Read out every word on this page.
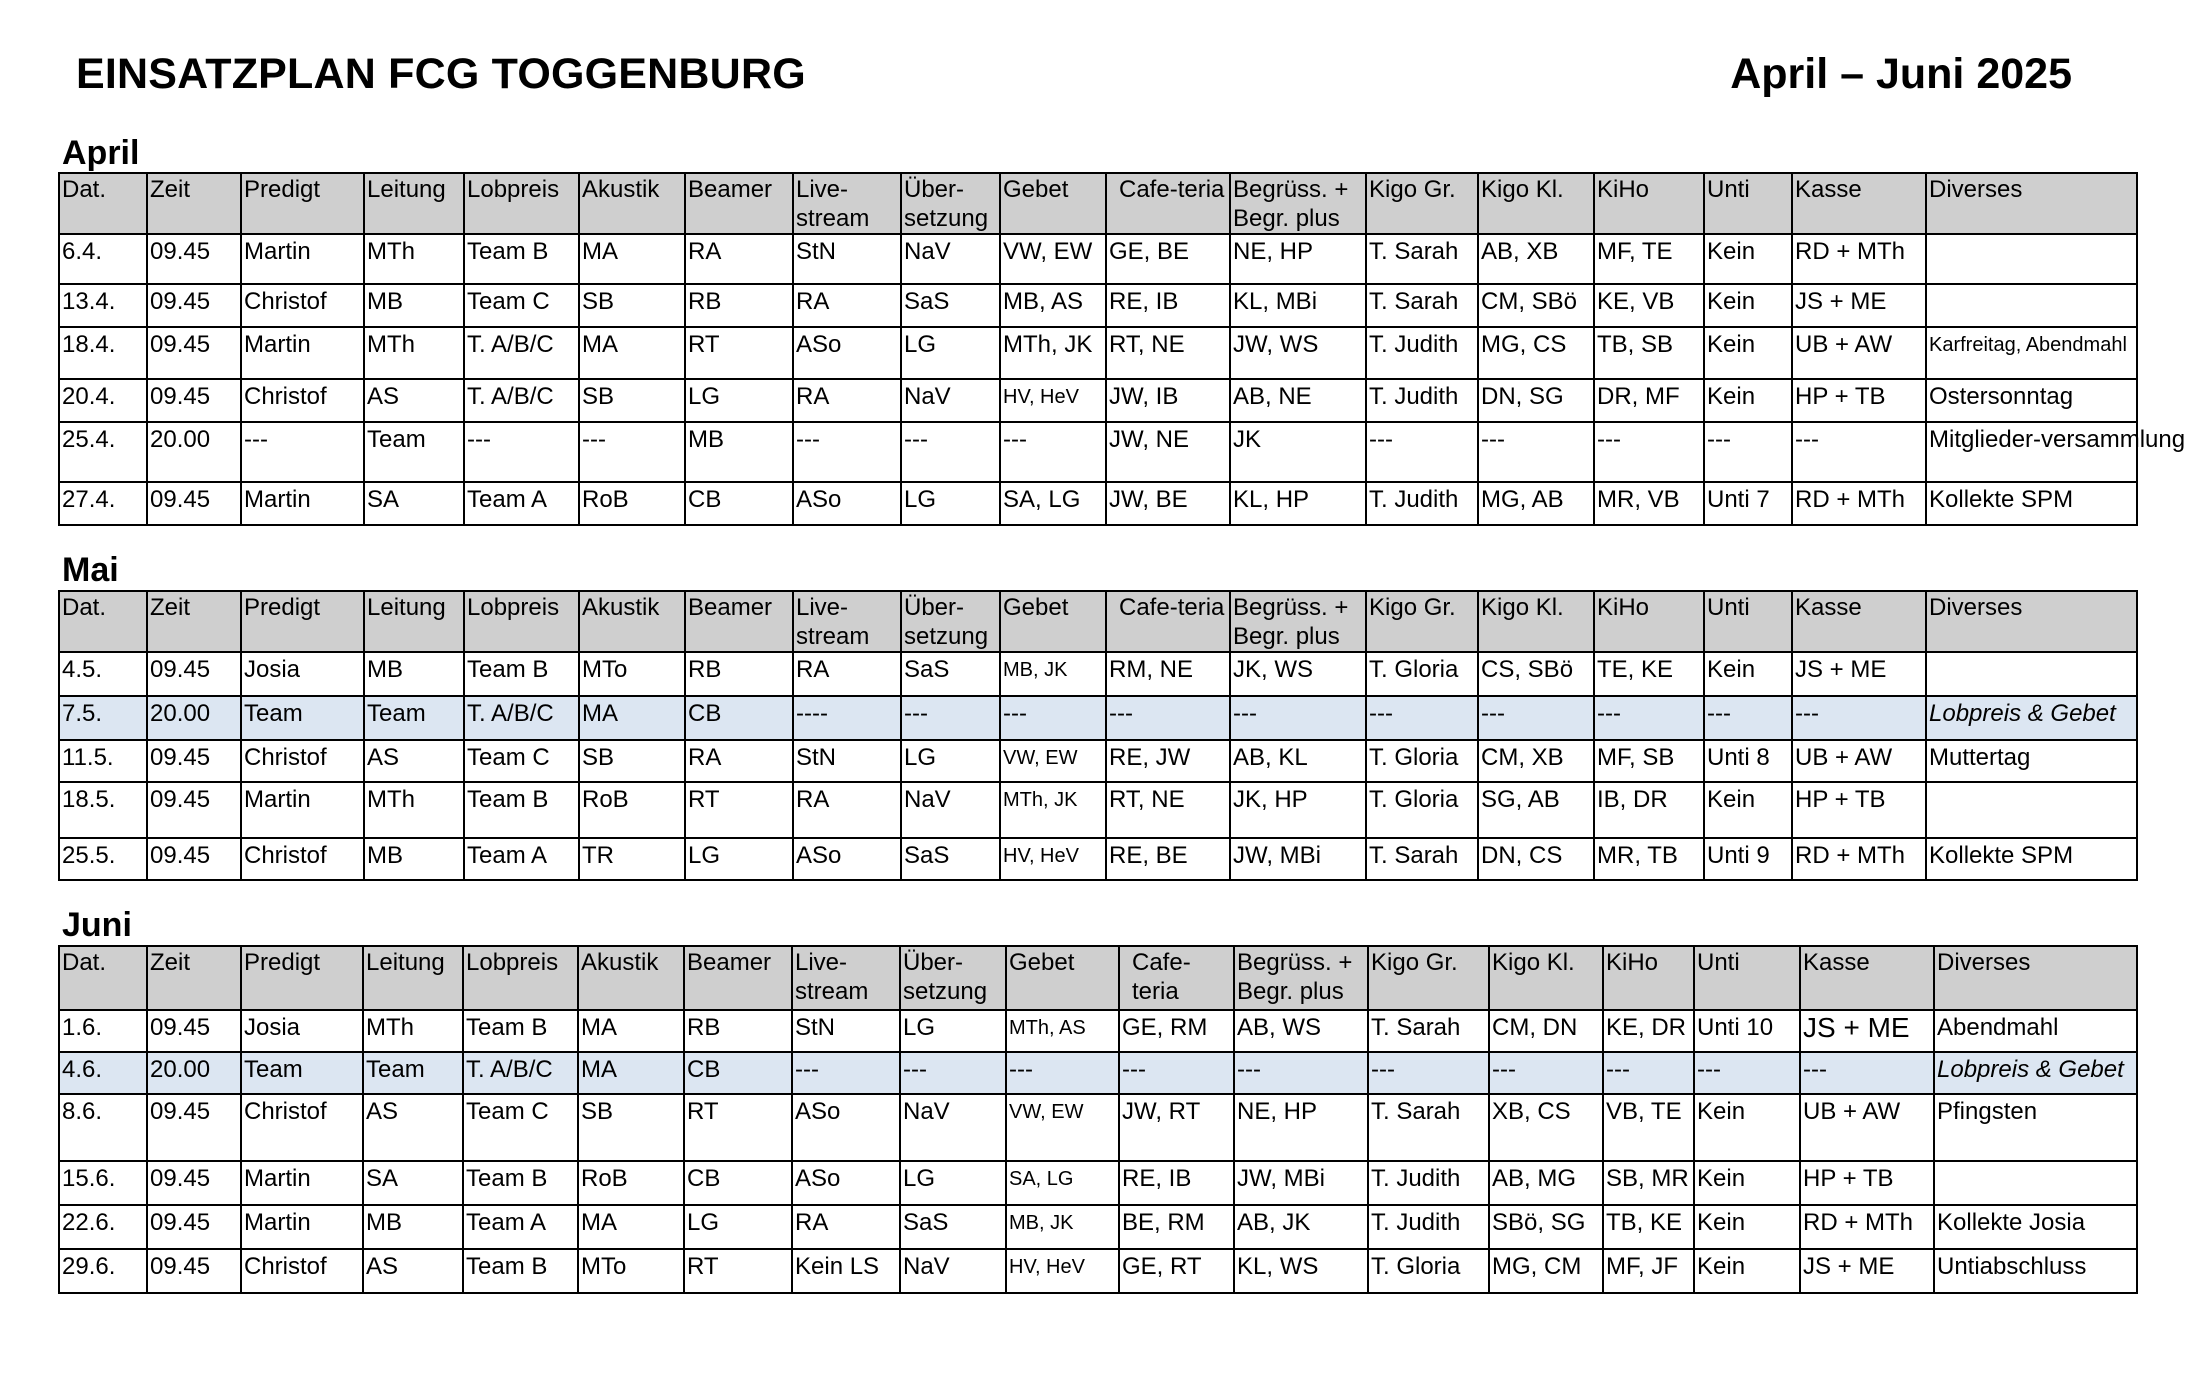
EINSATZPLAN FCG TOGGENBURG	April – Juni 2025
April
Dat.	Zeit	Predigt	Leitung	Lobpreis	Akustik	Beamer	Live-​stream	Über-​setzung	Gebet	Cafe-​teria	Begrüss. + Begr. plus	Kigo Gr.	Kigo Kl.	KiHo	Unti	Kasse	Diverses
6.4.	09.45	Martin	MTh	Team B	MA	RA	StN	NaV	VW, EW	GE, BE	NE, HP	T. Sarah	AB, XB	MF, TE	Kein	RD + MTh	
13.4.	09.45	Christof	MB	Team C	SB	RB	RA	SaS	MB, AS	RE, IB	KL, MBi	T. Sarah	CM, SBö	KE, VB	Kein	JS + ME	
18.4.	09.45	Martin	MTh	T. A/B/C	MA	RT	ASo	LG	MTh, JK	RT, NE	JW, WS	T. Judith	MG, CS	TB, SB	Kein	UB + AW	Karfreitag, Abendmahl
20.4.	09.45	Christof	AS	T. A/B/C	SB	LG	RA	NaV	HV, HeV	JW, IB	AB, NE	T. Judith	DN, SG	DR, MF	Kein	HP + TB	Ostersonntag
25.4.	20.00	---	Team	---	---	MB	---	---	---	JW, NE	JK	---	---	---	---	---	Mitglieder-​versammlung
27.4.	09.45	Martin	SA	Team A	RoB	CB	ASo	LG	SA, LG	JW, BE	KL, HP	T. Judith	MG, AB	MR, VB	Unti 7	RD + MTh	Kollekte SPM
Mai
Dat.	Zeit	Predigt	Leitung	Lobpreis	Akustik	Beamer	Live-​stream	Über-​setzung	Gebet	Cafe-​teria	Begrüss. + Begr. plus	Kigo Gr.	Kigo Kl.	KiHo	Unti	Kasse	Diverses
4.5.	09.45	Josia	MB	Team B	MTo	RB	RA	SaS	MB, JK	RM, NE	JK, WS	T. Gloria	CS, SBö	TE, KE	Kein	JS + ME	
7.5.	20.00	Team	Team	T. A/B/C	MA	CB	----	---	---	---	---	---	---	---	---	---	Lobpreis & Gebet
11.5.	09.45	Christof	AS	Team C	SB	RA	StN	LG	VW, EW	RE, JW	AB, KL	T. Gloria	CM, XB	MF, SB	Unti 8	UB + AW	Muttertag
18.5.	09.45	Martin	MTh	Team B	RoB	RT	RA	NaV	MTh, JK	RT, NE	JK, HP	T. Gloria	SG, AB	IB, DR	Kein	HP + TB	
25.5.	09.45	Christof	MB	Team A	TR	LG	ASo	SaS	HV, HeV	RE, BE	JW, MBi	T. Sarah	DN, CS	MR, TB	Unti 9	RD + MTh	Kollekte SPM
Juni
Dat.	Zeit	Predigt	Leitung	Lobpreis	Akustik	Beamer	Live-​stream	Über-​setzung	Gebet	Cafe-​teria	Begrüss. + Begr. plus	Kigo Gr.	Kigo Kl.	KiHo	Unti	Kasse	Diverses
1.6.	09.45	Josia	MTh	Team B	MA	RB	StN	LG	MTh, AS	GE, RM	AB, WS	T. Sarah	CM, DN	KE, DR	Unti 10	JS + ME	Abendmahl
4.6.	20.00	Team	Team	T. A/B/C	MA	CB	---	---	---	---	---	---	---	---	---	---	Lobpreis & Gebet
8.6.	09.45	Christof	AS	Team C	SB	RT	ASo	NaV	VW, EW	JW, RT	NE, HP	T. Sarah	XB, CS	VB, TE	Kein	UB + AW	Pfingsten
15.6.	09.45	Martin	SA	Team B	RoB	CB	ASo	LG	SA, LG	RE, IB	JW, MBi	T. Judith	AB, MG	SB, MR	Kein	HP + TB	
22.6.	09.45	Martin	MB	Team A	MA	LG	RA	SaS	MB, JK	BE, RM	AB, JK	T. Judith	SBö, SG	TB, KE	Kein	RD + MTh	Kollekte Josia
29.6.	09.45	Christof	AS	Team B	MTo	RT	Kein LS	NaV	HV, HeV	GE, RT	KL, WS	T. Gloria	MG, CM	MF, JF	Kein	JS + ME	Untiabschluss
